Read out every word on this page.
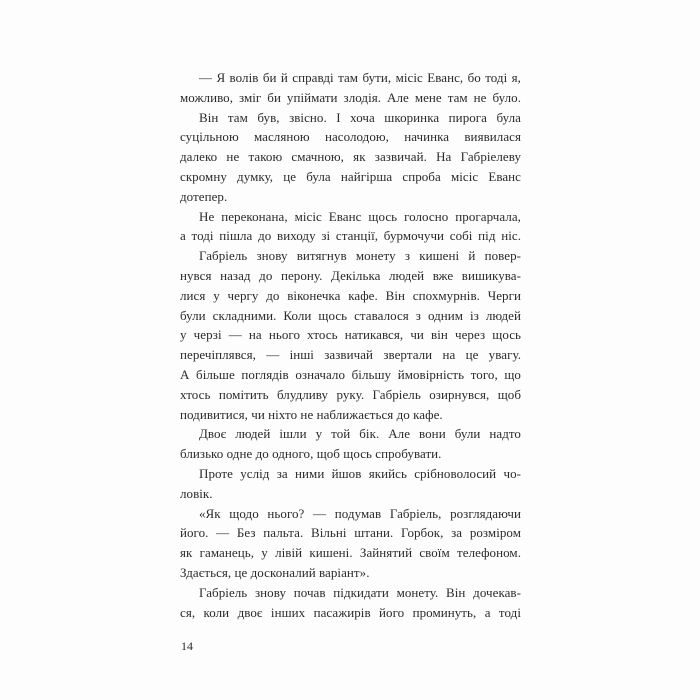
— Я волів би й справді там бути, місіс Еванс, бо тоді я,
можливо, зміг би упіймати злодія. Але мене там не було.
Він там був, звісно. І хоча шкоринка пирога була
суцільною масляною насолодою, начинка виявилася
далеко не такою смачною, як зазвичай. На Габріелеву
скромну думку, це була найгірша спроба місіс Еванс
дотепер.
Не переконана, місіс Еванс щось голосно прогарчала,
а тоді пішла до виходу зі станції, бурмочучи собі під ніс.
Габріель знову витягнув монету з кишені й повер-
нувся назад до перону. Декілька людей вже вишикува-
лися у чергу до віконечка кафе. Він спохмурнів. Черги
були складними. Коли щось ставалося з одним із людей
у черзі — на нього хтось натикався, чи він через щось
перечіплявся, — інші зазвичай звертали на це увагу.
А більше поглядів означало більшу ймовірність того, що
хтось помітить блудливу руку. Габріель озирнувся, щоб
подивитися, чи ніхто не наближається до кафе.
Двоє людей ішли у той бік. Але вони були надто
близько одне до одного, щоб щось спробувати.
Проте услід за ними йшов якийсь срібноволосий чо-
ловік.
«Як щодо нього? — подумав Габріель, розглядаючи
його. — Без пальта. Вільні штани. Горбок, за розміром
як гаманець, у лівій кишені. Зайнятий своїм телефоном.
Здається, це досконалий варіант».
Габріель знову почав підкидати монету. Він дочекав-
ся, коли двоє інших пасажирів його проминуть, а тоді
14
